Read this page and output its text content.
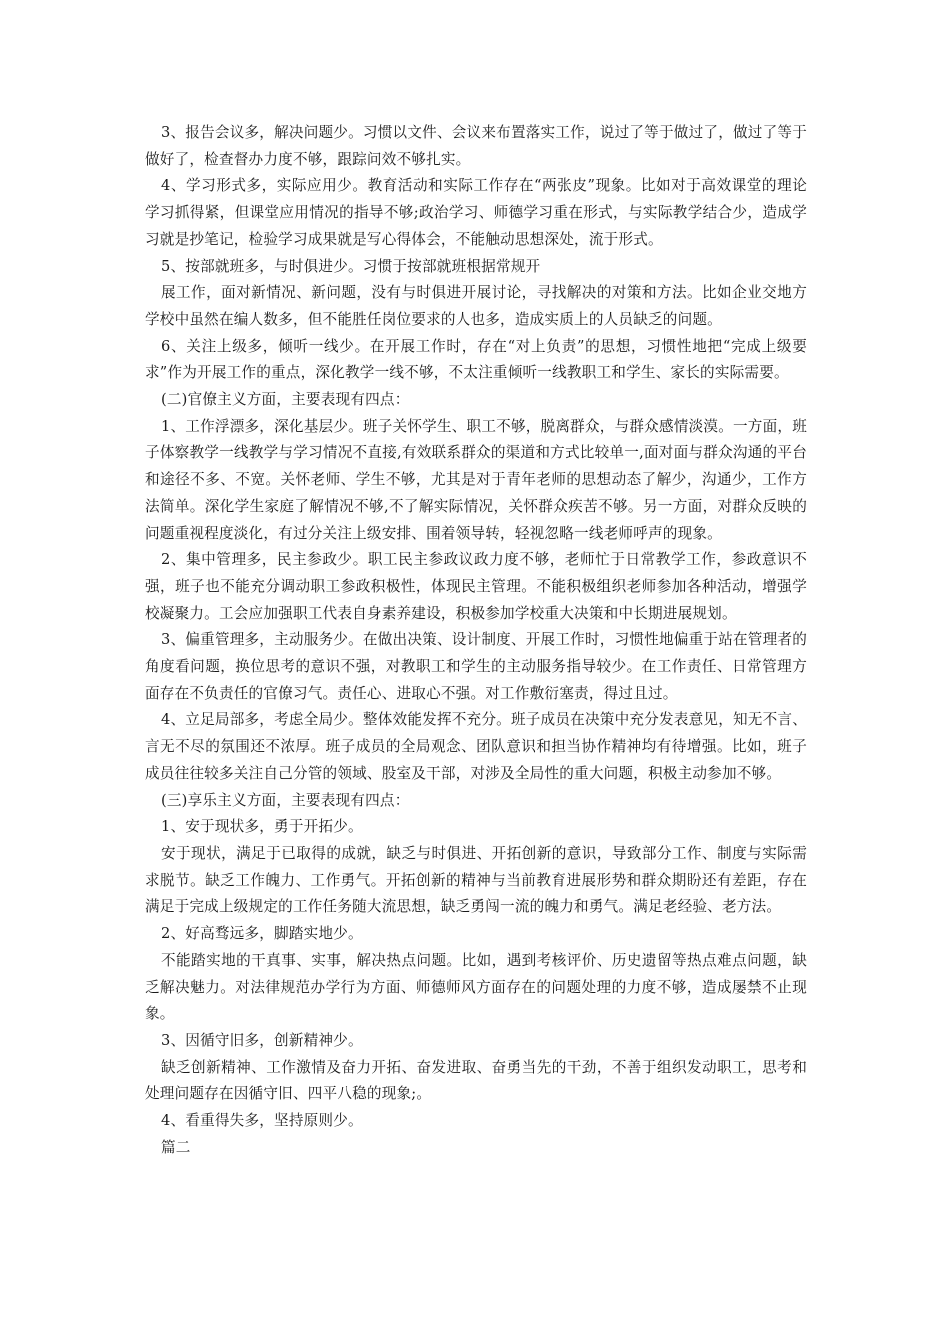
3、报告会议多，解决问题少。习惯以文件、会议来布置落实工作，说过了等于做过了，做过了等于做好了，检查督办力度不够，跟踪问效不够扎实。

4、学习形式多，实际应用少。教育活动和实际工作存在“两张皮”现象。比如对于高效课堂的理论学习抓得紧，但课堂应用情况的指导不够;政治学习、师德学习重在形式，与实际教学结合少，造成学习就是抄笔记，检验学习成果就是写心得体会，不能触动思想深处，流于形式。

5、按部就班多，与时俱进少。习惯于按部就班根据常规开

展工作，面对新情况、新问题，没有与时俱进开展讨论，寻找解决的对策和方法。比如企业交地方学校中虽然在编人数多，但不能胜任岗位要求的人也多，造成实质上的人员缺乏的问题。

6、关注上级多，倾听一线少。在开展工作时，存在“对上负责”的思想，习惯性地把“完成上级要求”作为开展工作的重点，深化教学一线不够，不太注重倾听一线教职工和学生、家长的实际需要。

(二)官僚主义方面，主要表现有四点：

1、工作浮漂多，深化基层少。班子关怀学生、职工不够，脱离群众，与群众感情淡漠。一方面，班子体察教学一线教学与学习情况不直接,有效联系群众的渠道和方式比较单一,面对面与群众沟通的平台和途径不多、不宽。关怀老师、学生不够，尤其是对于青年老师的思想动态了解少，沟通少，工作方法简单。深化学生家庭了解情况不够,不了解实际情况，关怀群众疾苦不够。另一方面，对群众反映的问题重视程度淡化，有过分关注上级安排、围着领导转，轻视忽略一线老师呼声的现象。

2、集中管理多，民主参政少。职工民主参政议政力度不够，老师忙于日常教学工作，参政意识不强，班子也不能充分调动职工参政积极性，体现民主管理。不能积极组织老师参加各种活动，增强学校凝聚力。工会应加强职工代表自身素养建设，积极参加学校重大决策和中长期进展规划。

3、偏重管理多，主动服务少。在做出决策、设计制度、开展工作时，习惯性地偏重于站在管理者的角度看问题，换位思考的意识不强，对教职工和学生的主动服务指导较少。在工作责任、日常管理方面存在不负责任的官僚习气。责任心、进取心不强。对工作敷衍塞责，得过且过。

4、立足局部多，考虑全局少。整体效能发挥不充分。班子成员在决策中充分发表意见，知无不言、言无不尽的氛围还不浓厚。班子成员的全局观念、团队意识和担当协作精神均有待增强。比如，班子成员往往较多关注自己分管的领域、股室及干部，对涉及全局性的重大问题，积极主动参加不够。

(三)享乐主义方面，主要表现有四点：

1、安于现状多，勇于开拓少。

安于现状，满足于已取得的成就，缺乏与时俱进、开拓创新的意识，导致部分工作、制度与实际需求脱节。缺乏工作魄力、工作勇气。开拓创新的精神与当前教育进展形势和群众期盼还有差距，存在满足于完成上级规定的工作任务随大流思想，缺乏勇闯一流的魄力和勇气。满足老经验、老方法。

2、好高骛远多，脚踏实地少。

不能踏实地的干真事、实事，解决热点问题。比如，遇到考核评价、历史遗留等热点难点问题，缺乏解决魅力。对法律规范办学行为方面、师德师风方面存在的问题处理的力度不够，造成屡禁不止现象。

3、因循守旧多，创新精神少。

缺乏创新精神、工作激情及奋力开拓、奋发进取、奋勇当先的干劲，不善于组织发动职工，思考和处理问题存在因循守旧、四平八稳的现象;。

4、看重得失多，坚持原则少。

篇二
